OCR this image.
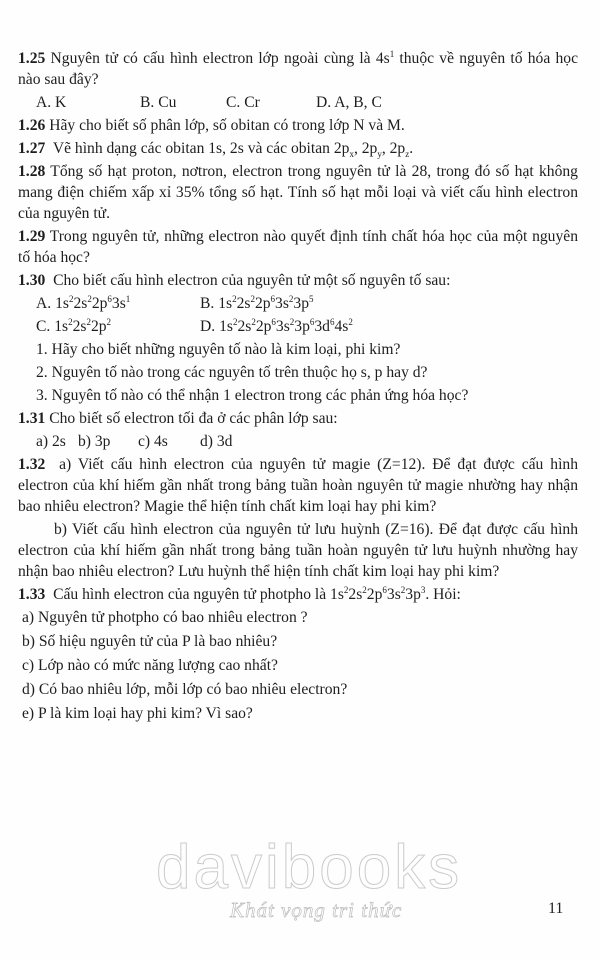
1.25 Nguyên tử có cấu hình electron lớp ngoài cùng là $4s^1$ thuộc về nguyên tố hóa học nào sau đây?

A. K	B. Cu	C. Cr	D. A, B, C

1.26 Hãy cho biết số phân lớp, số obitan có trong lớp N và M.

1.27 Vẽ hình dạng các obitan 1s, 2s và các obitan $2p_x$, $2p_y$, $2p_z$.

1.28 Tổng số hạt proton, nơtron, electron trong nguyên tử là 28, trong đó số hạt không mang điện chiếm xấp xỉ 35% tổng số hạt. Tính số hạt mỗi loại và viết cấu hình electron của nguyên tử.

1.29 Trong nguyên tử, những electron nào quyết định tính chất hóa học của một nguyên tố hóa học?

1.30 Cho biết cấu hình electron của nguyên tử một số nguyên tố sau:

A. $1s^22s^22p^63s^1$	B. $1s^22s^22p^63s^23p^5$
C. $1s^22s^22p^2$	D. $1s^22s^22p^63s^23p^63d^64s^2$

1. Hãy cho biết những nguyên tố nào là kim loại, phi kim?

2. Nguyên tố nào trong các nguyên tố trên thuộc họ s, p hay d?

3. Nguyên tố nào có thể nhận 1 electron trong các phản ứng hóa học?

1.31 Cho biết số electron tối đa ở các phân lớp sau:

a) 2s b) 3p	c) 4s	d) 3d

1.32 a) Viết cấu hình electron của nguyên tử magie (Z=12). Để đạt được cấu hình electron của khí hiếm gần nhất trong bảng tuần hoàn nguyên tử magie nhường hay nhận bao nhiêu electron? Magie thể hiện tính chất kim loại hay phi kim?

b) Viết cấu hình electron của nguyên tử lưu huỳnh (Z=16). Để đạt được cấu hình electron của khí hiếm gần nhất trong bảng tuần hoàn nguyên tử lưu huỳnh nhường hay nhận bao nhiêu electron? Lưu huỳnh thể hiện tính chất kim loại hay phi kim?

1.33 Cấu hình electron của nguyên tử photpho là $1s^22s^22p^63s^23p^3$. Hỏi:

a) Nguyên tử photpho có bao nhiêu electron ?

b) Số hiệu nguyên tử của P là bao nhiêu?

c) Lớp nào có mức năng lượng cao nhất?

d) Có bao nhiêu lớp, mỗi lớp có bao nhiêu electron?

e) P là kim loại hay phi kim? Vì sao?

davibooks
Khát vọng tri thức	11
